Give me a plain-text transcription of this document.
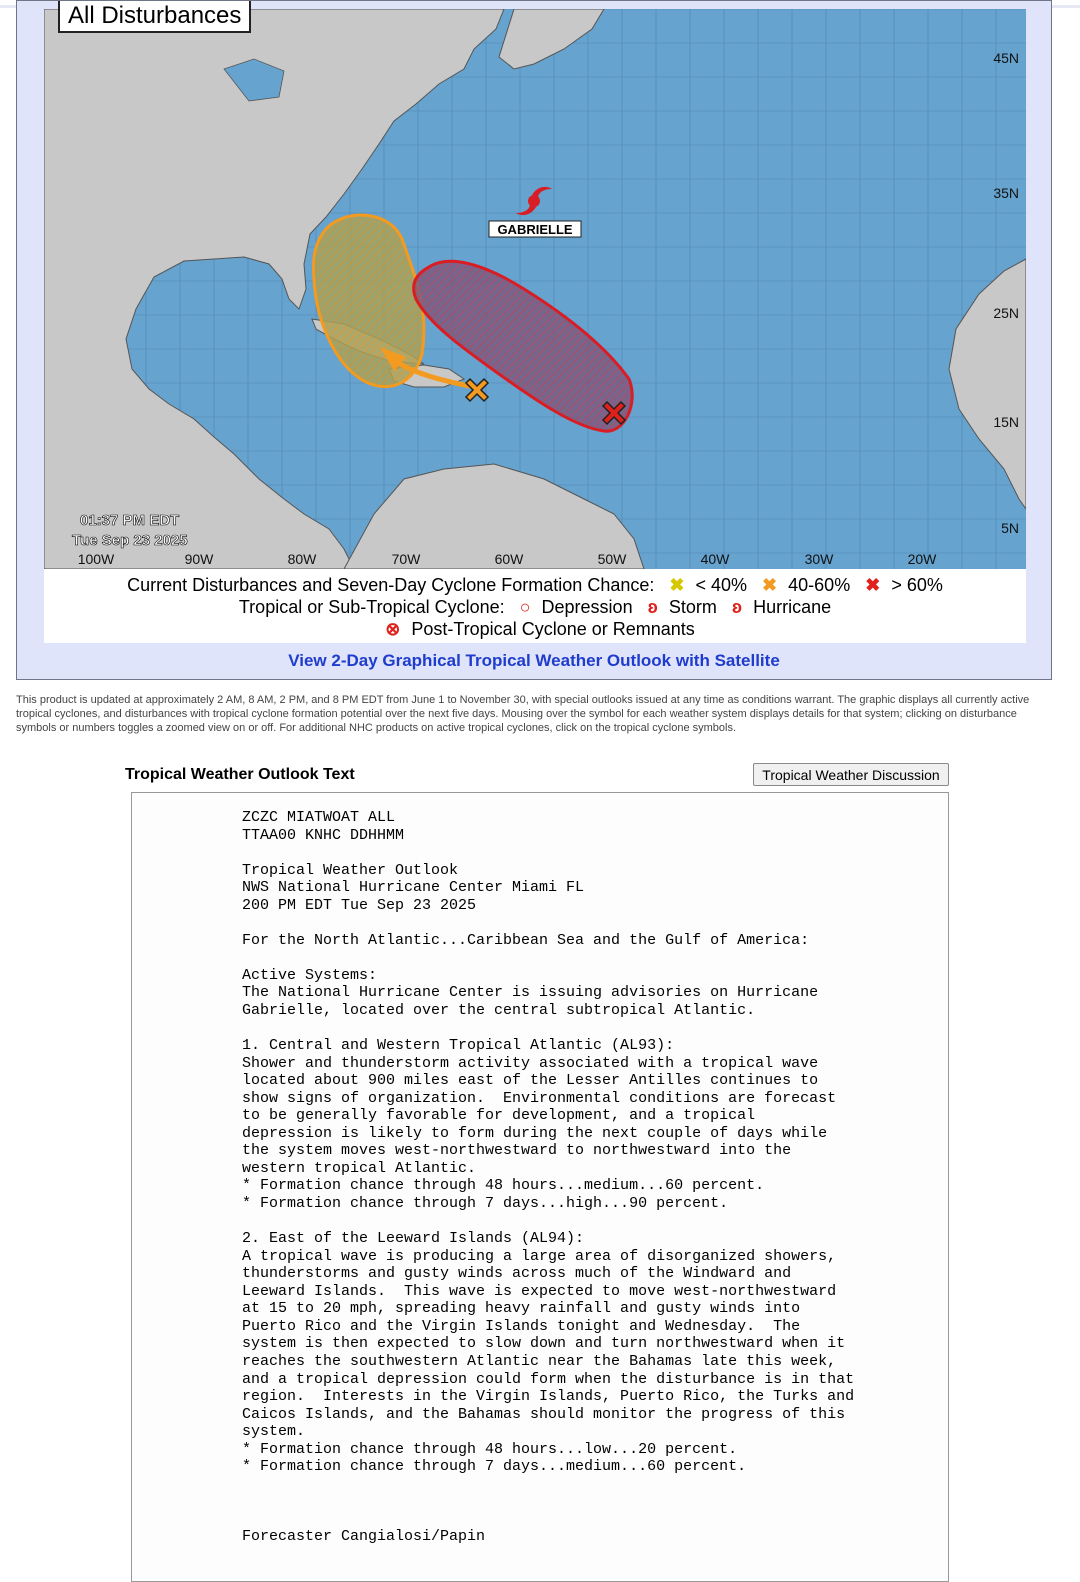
GABRIELLE
01:37 PM EDT
Tue Sep 23 2025
100W	90W	80W	70W	60W	50W	40W	30W	20W
45N
35N
25N
15N
5N
All Disturbances
Current Disturbances and Seven-Day Cyclone Formation Chance: ✖ < 40% ✖ 40-60% ✖ > 60%
Tropical or Sub-Tropical Cyclone: ○ Depression ʚ Storm ʚ Hurricane
⊗ Post-Tropical Cyclone or Remnants
View 2-Day Graphical Tropical Weather Outlook with Satellite
This product is updated at approximately 2 AM, 8 AM, 2 PM, and 8 PM EDT from June 1 to November 30, with special outlooks issued at any time as conditions warrant. The graphic displays all currently active tropical cyclones, and disturbances with tropical cyclone formation potential over the next five days. Mousing over the symbol for each weather system displays details for that system; clicking on disturbance symbols or numbers toggles a zoomed view on or off. For additional NHC products on active tropical cyclones, click on the tropical cyclone symbols.
Tropical Weather Outlook Text	Tropical Weather Discussion
ZCZC MIATWOAT ALL
TTAA00 KNHC DDHHMM

Tropical Weather Outlook
NWS National Hurricane Center Miami FL
200 PM EDT Tue Sep 23 2025

For the North Atlantic...Caribbean Sea and the Gulf of America:

Active Systems:
The National Hurricane Center is issuing advisories on Hurricane
Gabrielle, located over the central subtropical Atlantic.

1. Central and Western Tropical Atlantic (AL93):
Shower and thunderstorm activity associated with a tropical wave
located about 900 miles east of the Lesser Antilles continues to
show signs of organization.  Environmental conditions are forecast
to be generally favorable for development, and a tropical
depression is likely to form during the next couple of days while
the system moves west-northwestward to northwestward into the
western tropical Atlantic.
* Formation chance through 48 hours...medium...60 percent.
* Formation chance through 7 days...high...90 percent.

2. East of the Leeward Islands (AL94):
A tropical wave is producing a large area of disorganized showers,
thunderstorms and gusty winds across much of the Windward and
Leeward Islands.  This wave is expected to move west-northwestward
at 15 to 20 mph, spreading heavy rainfall and gusty winds into
Puerto Rico and the Virgin Islands tonight and Wednesday.  The
system is then expected to slow down and turn northwestward when it
reaches the southwestern Atlantic near the Bahamas late this week,
and a tropical depression could form when the disturbance is in that
region.  Interests in the Virgin Islands, Puerto Rico, the Turks and
Caicos Islands, and the Bahamas should monitor the progress of this
system.
* Formation chance through 48 hours...low...20 percent.
* Formation chance through 7 days...medium...60 percent.

Forecaster Cangialosi/Papin
